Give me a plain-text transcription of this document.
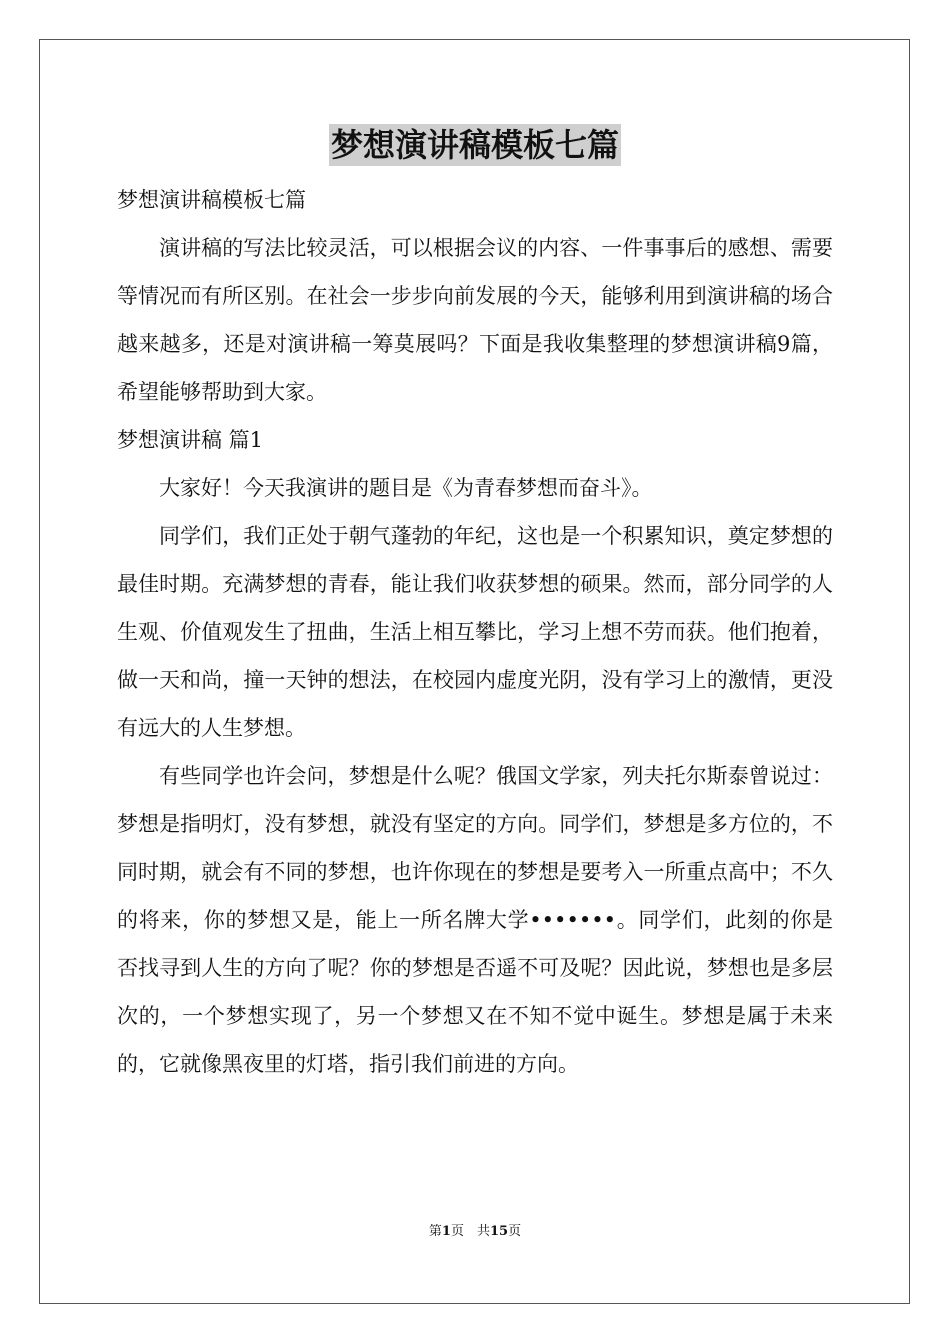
梦想演讲稿模板七篇

梦想演讲稿模板七篇

演讲稿的写法比较灵活，可以根据会议的内容、一件事事后的感想、需要等情况而有所区别。在社会一步步向前发展的今天，能够利用到演讲稿的场合越来越多，还是对演讲稿一筹莫展吗？下面是我收集整理的梦想演讲稿9篇，希望能够帮助到大家。

梦想演讲稿 篇1

大家好！今天我演讲的题目是《为青春梦想而奋斗》。

同学们，我们正处于朝气蓬勃的年纪，这也是一个积累知识，奠定梦想的最佳时期。充满梦想的青春，能让我们收获梦想的硕果。然而，部分同学的人生观、价值观发生了扭曲，生活上相互攀比，学习上想不劳而获。他们抱着，做一天和尚，撞一天钟的想法，在校园内虚度光阴，没有学习上的激情，更没有远大的人生梦想。

有些同学也许会问，梦想是什么呢？俄国文学家，列夫托尔斯泰曾说过：梦想是指明灯，没有梦想，就没有坚定的方向。同学们，梦想是多方位的，不同时期，就会有不同的梦想，也许你现在的梦想是要考入一所重点高中；不久的将来，你的梦想又是，能上一所名牌大学•••••••。同学们，此刻的你是否找寻到人生的方向了呢？你的梦想是否遥不可及呢？因此说，梦想也是多层次的，一个梦想实现了，另一个梦想又在不知不觉中诞生。梦想是属于未来的，它就像黑夜里的灯塔，指引我们前进的方向。

第1页　共15页
